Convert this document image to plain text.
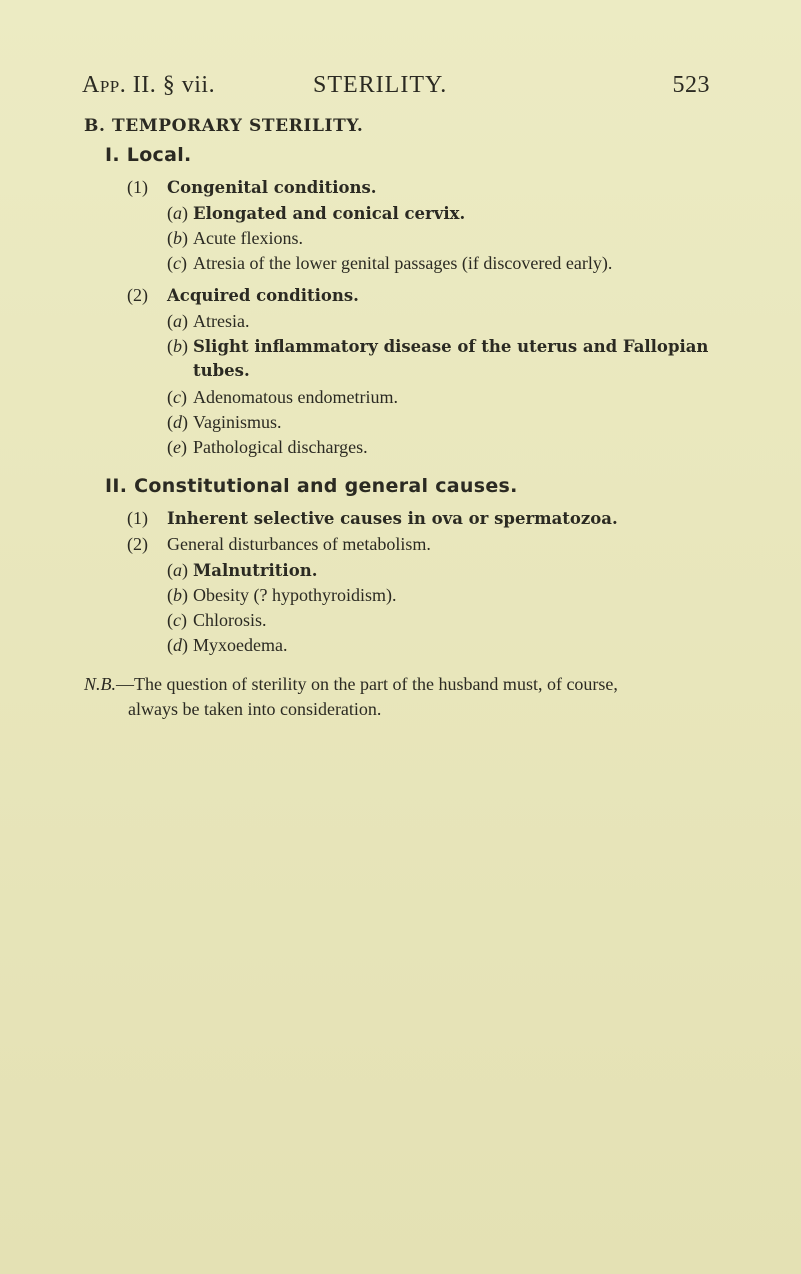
App. II. § vii.	STERILITY.	523
B. TEMPORARY STERILITY.
I. Local.
(1) Congenital conditions.
(a) Elongated and conical cervix.
(b) Acute flexions.
(c) Atresia of the lower genital passages (if discovered early).
(2) Acquired conditions.
(a) Atresia.
(b) Slight inflammatory disease of the uterus and Fallopian
tubes.
(c) Adenomatous endometrium.
(d) Vaginismus.
(e) Pathological discharges.
II. Constitutional and general causes.
(1) Inherent selective causes in ova or spermatozoa.
(2) General disturbances of metabolism.
(a) Malnutrition.
(b) Obesity (? hypothyroidism).
(c) Chlorosis.
(d) Myxoedema.
N.B.—The question of sterility on the part of the husband must, of course,
always be taken into consideration.
